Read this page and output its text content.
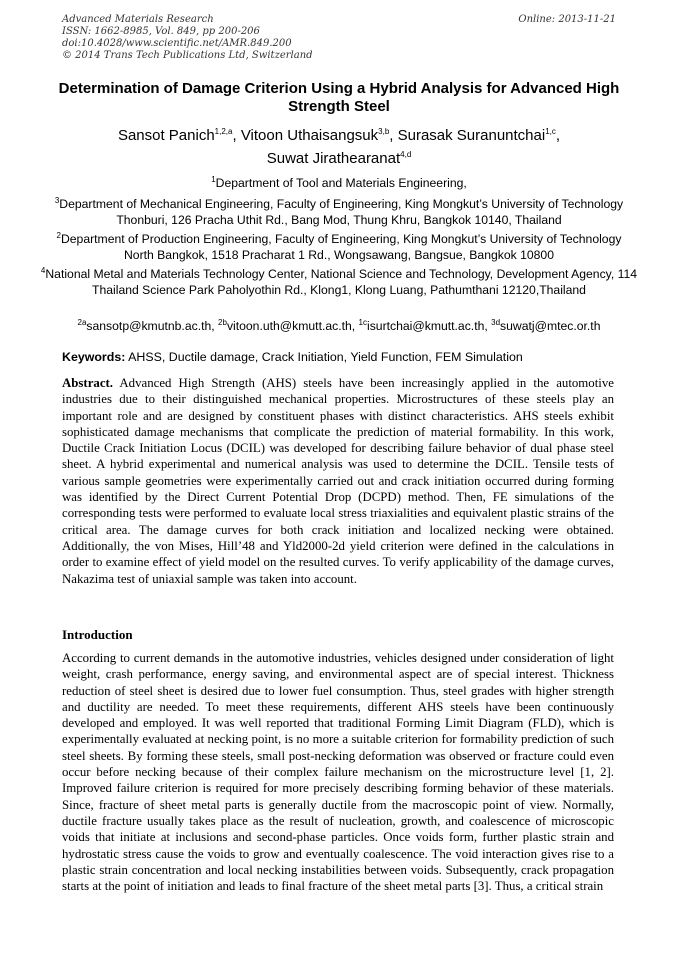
Advanced Materials Research
ISSN: 1662-8985, Vol. 849, pp 200-206
doi:10.4028/www.scientific.net/AMR.849.200
© 2014 Trans Tech Publications Ltd, Switzerland
Online: 2013-11-21
Determination of Damage Criterion Using a Hybrid Analysis for Advanced High Strength Steel
Sansot Panich$^{1,2,a}$, Vitoon Uthaisangsuk$^{3,b}$, Surasak Suranuntchai$^{1,c}$,
Suwat Jirathearanat$^{4,d}$
$^1$Department of Tool and Materials Engineering,
$^3$Department of Mechanical Engineering, Faculty of Engineering, King Mongkut’s University of Technology Thonburi, 126 Pracha Uthit Rd., Bang Mod, Thung Khru, Bangkok 10140, Thailand
$^2$Department of Production Engineering, Faculty of Engineering, King Mongkut’s University of Technology North Bangkok, 1518 Pracharat 1 Rd., Wongsawang, Bangsue, Bangkok 10800
$^4$National Metal and Materials Technology Center, National Science and Technology, Development Agency, 114 Thailand Science Park Paholyothin Rd., Klong1, Klong Luang, Pathumthani 12120,Thailand
$^{2a}$sansotp@kmutnb.ac.th, $^{2b}$vitoon.uth@kmutt.ac.th, $^{1c}$isurtchai@kmutt.ac.th, $^{3d}$suwatj@mtec.or.th
Keywords: AHSS, Ductile damage, Crack Initiation, Yield Function, FEM Simulation
Abstract. Advanced High Strength (AHS) steels have been increasingly applied in the automotive industries due to their distinguished mechanical properties. Microstructures of these steels play an important role and are designed by constituent phases with distinct characteristics. AHS steels exhibit sophisticated damage mechanisms that complicate the prediction of material formability. In this work, Ductile Crack Initiation Locus (DCIL) was developed for describing failure behavior of dual phase steel sheet. A hybrid experimental and numerical analysis was used to determine the DCIL. Tensile tests of various sample geometries were experimentally carried out and crack initiation occurred during forming was identified by the Direct Current Potential Drop (DCPD) method. Then, FE simulations of the corresponding tests were performed to evaluate local stress triaxialities and equivalent plastic strains of the critical area. The damage curves for both crack initiation and localized necking were obtained. Additionally, the von Mises, Hill’48 and Yld2000-2d yield criterion were defined in the calculations in order to examine effect of yield model on the resulted curves. To verify applicability of the damage curves, Nakazima test of uniaxial sample was taken into account.
Introduction
According to current demands in the automotive industries, vehicles designed under consideration of light weight, crash performance, energy saving, and environmental aspect are of special interest. Thickness reduction of steel sheet is desired due to lower fuel consumption. Thus, steel grades with higher strength and ductility are needed. To meet these requirements, different AHS steels have been continuously developed and employed. It was well reported that traditional Forming Limit Diagram (FLD), which is experimentally evaluated at necking point, is no more a suitable criterion for formability prediction of such steel sheets. By forming these steels, small post-necking deformation was observed or fracture could even occur before necking because of their complex failure mechanism on the microstructure level [1, 2]. Improved failure criterion is required for more precisely describing forming behavior of these materials. Since, fracture of sheet metal parts is generally ductile from the macroscopic point of view. Normally, ductile fracture usually takes place as the result of nucleation, growth, and coalescence of microscopic voids that initiate at inclusions and second-phase particles. Once voids form, further plastic strain and hydrostatic stress cause the voids to grow and eventually coalescence. The void interaction gives rise to a plastic strain concentration and local necking instabilities between voids. Subsequently, crack propagation starts at the point of initiation and leads to final fracture of the sheet metal parts [3]. Thus, a critical strain
